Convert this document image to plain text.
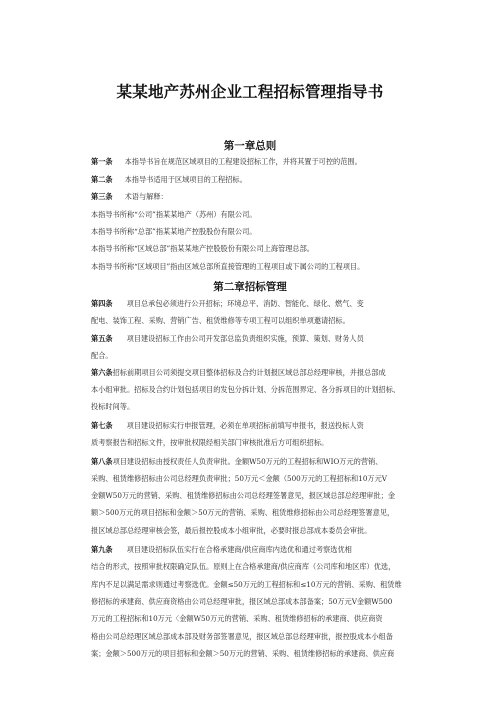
某某地产苏州企业工程招标管理指导书
第一章总则
第一条 本指导书旨在规范区域项目的工程建设招标工作，并将其置于可控的范围。
第二条 本指导书适用于区域项目的工程招标。
第三条 术语与解释：
本指导书所称“公司”指某某地产（苏州）有限公司。
本指导书所称“总部”指某某地产控股股份有限公司。
本指导书所称“区域总部”指某某地产控股股份有限公司上海管理总部。
本指导书所称“区域项目”指由区域总部所直接管理的工程项目或下属公司的工程项目。
第二章招标管理
第四条 项目总承包必须进行公开招标；环境总平、消防、智能化、绿化、燃气、变
配电、装饰工程、采购、营销广告、租赁维修等专项工程可以组织单项邀请招标。
第五条 项目建设招标工作由公司开发部总监负责组织实施，预算、策划、财务人员
配合。
第六条招标前期项目公司须提交项目整体招标及合约计划报区域总部总经理审核，并报总部成
本小组审批。招标及合约计划包括项目的发包分拆计划、分拆范围界定、各分拆项目的计划招标、
投标时间等。
第七条 项目建设招标实行申报管理，必须在单项招标前填写申报书，报送投标人资
质考察报告和招标文件，按审批权限经相关部门审核批准后方可组织招标。
第八条项目建设招标由授权责任人负责审批。金额W50万元的工程招标和WIO万元的营销、
采购、租赁维修招标由公司总经理负责审批；50万元＜金额（500万元的工程招标和10万元V
金额W50万元的营销、采购、租赁维修招标由公司总经理签署意见，报区域总部总经理审批；金
额＞500万元的项目招标和金额＞50万元的营销、采购、租赁维修招标由公司总经理签署意见，
报区域总部总经理审核会签，最后报控股成本小组审批，必要时报总部成本委员会审批。
第九条 项目建设招标队伍实行在合格承建商/供应商库内选优和通过考察选优相
结合的形式，按照审批权限确定队伍。原则上在合格承建商/供应商库（公司库和地区库）优选，
库内不足以满足需求则通过考察选优。金额≤50万元的工程招标和≤10万元的营销、采购、租赁维
修招标的承建商、供应商资格由公司总经理审批，报区域总部成本部备案；50万元V金额W500
万元的工程招标和10万元〈金额W50万元的营销、采购、租赁维修招标的承建商、供应商资
格由公司总经理区域总部成本部及财务部签署意见，报区域总部总经理审批，报控股成本小组备
案；金额＞500万元的项目招标和金额＞50万元的营销、采购、租赁维修招标的承建商、供应商
